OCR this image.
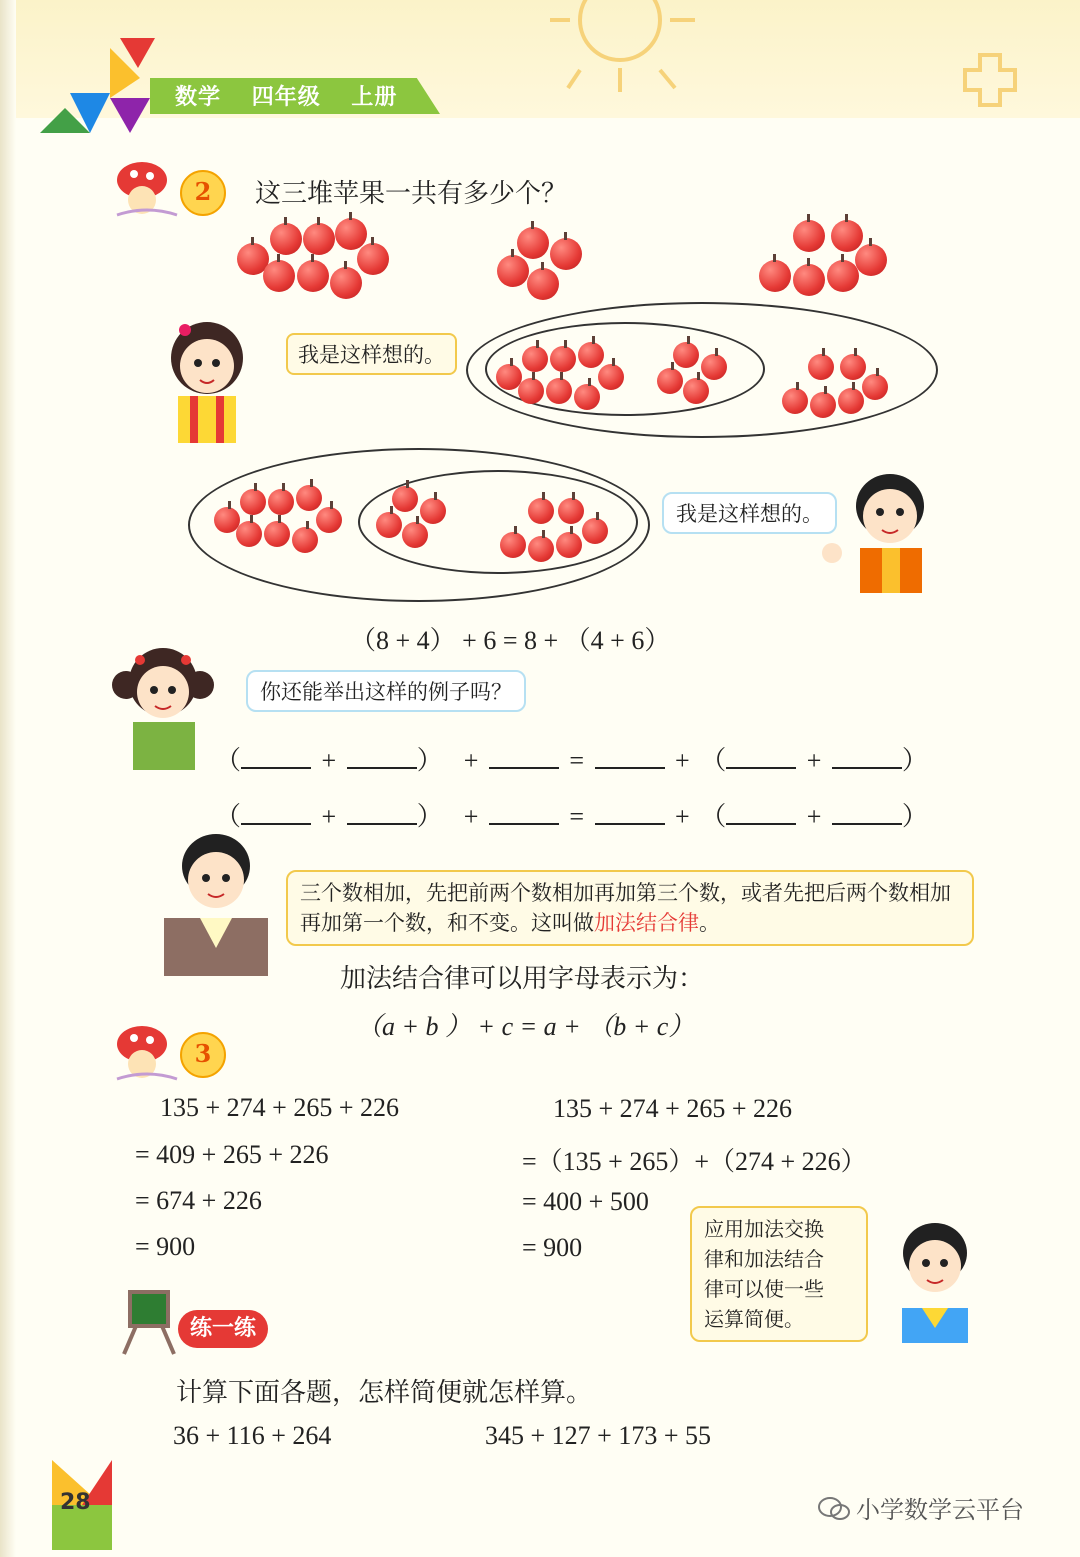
数学 四年级 上册
2	这三堆苹果一共有多少个？
我是这样想的。
我是这样想的。
（8 + 4） + 6 = 8 + （4 + 6）
你还能举出这样的例子吗？
（	+	） +	=	+ （	+	）
（	+	） +	=	+ （	+	）
三个数相加，先把前两个数相加再加第三个数，或者先把后两个数相加再加第一个数，和不变。这叫做加法结合律。
加法结合律可以用字母表示为：
（a + b ） + c = a + （b + c）
3
135 + 274 + 265 + 226
= 409 + 265 + 226
= 674 + 226
= 900
135 + 274 + 265 + 226
=（135 + 265）+（274 + 226）
= 400 + 500
= 900
应用加法交换
律和加法结合
律可以使一些
运算简便。
练一练
计算下面各题，怎样简便就怎样算。
36 + 116 + 264	345 + 127 + 173 + 55
28	小学数学云平台
